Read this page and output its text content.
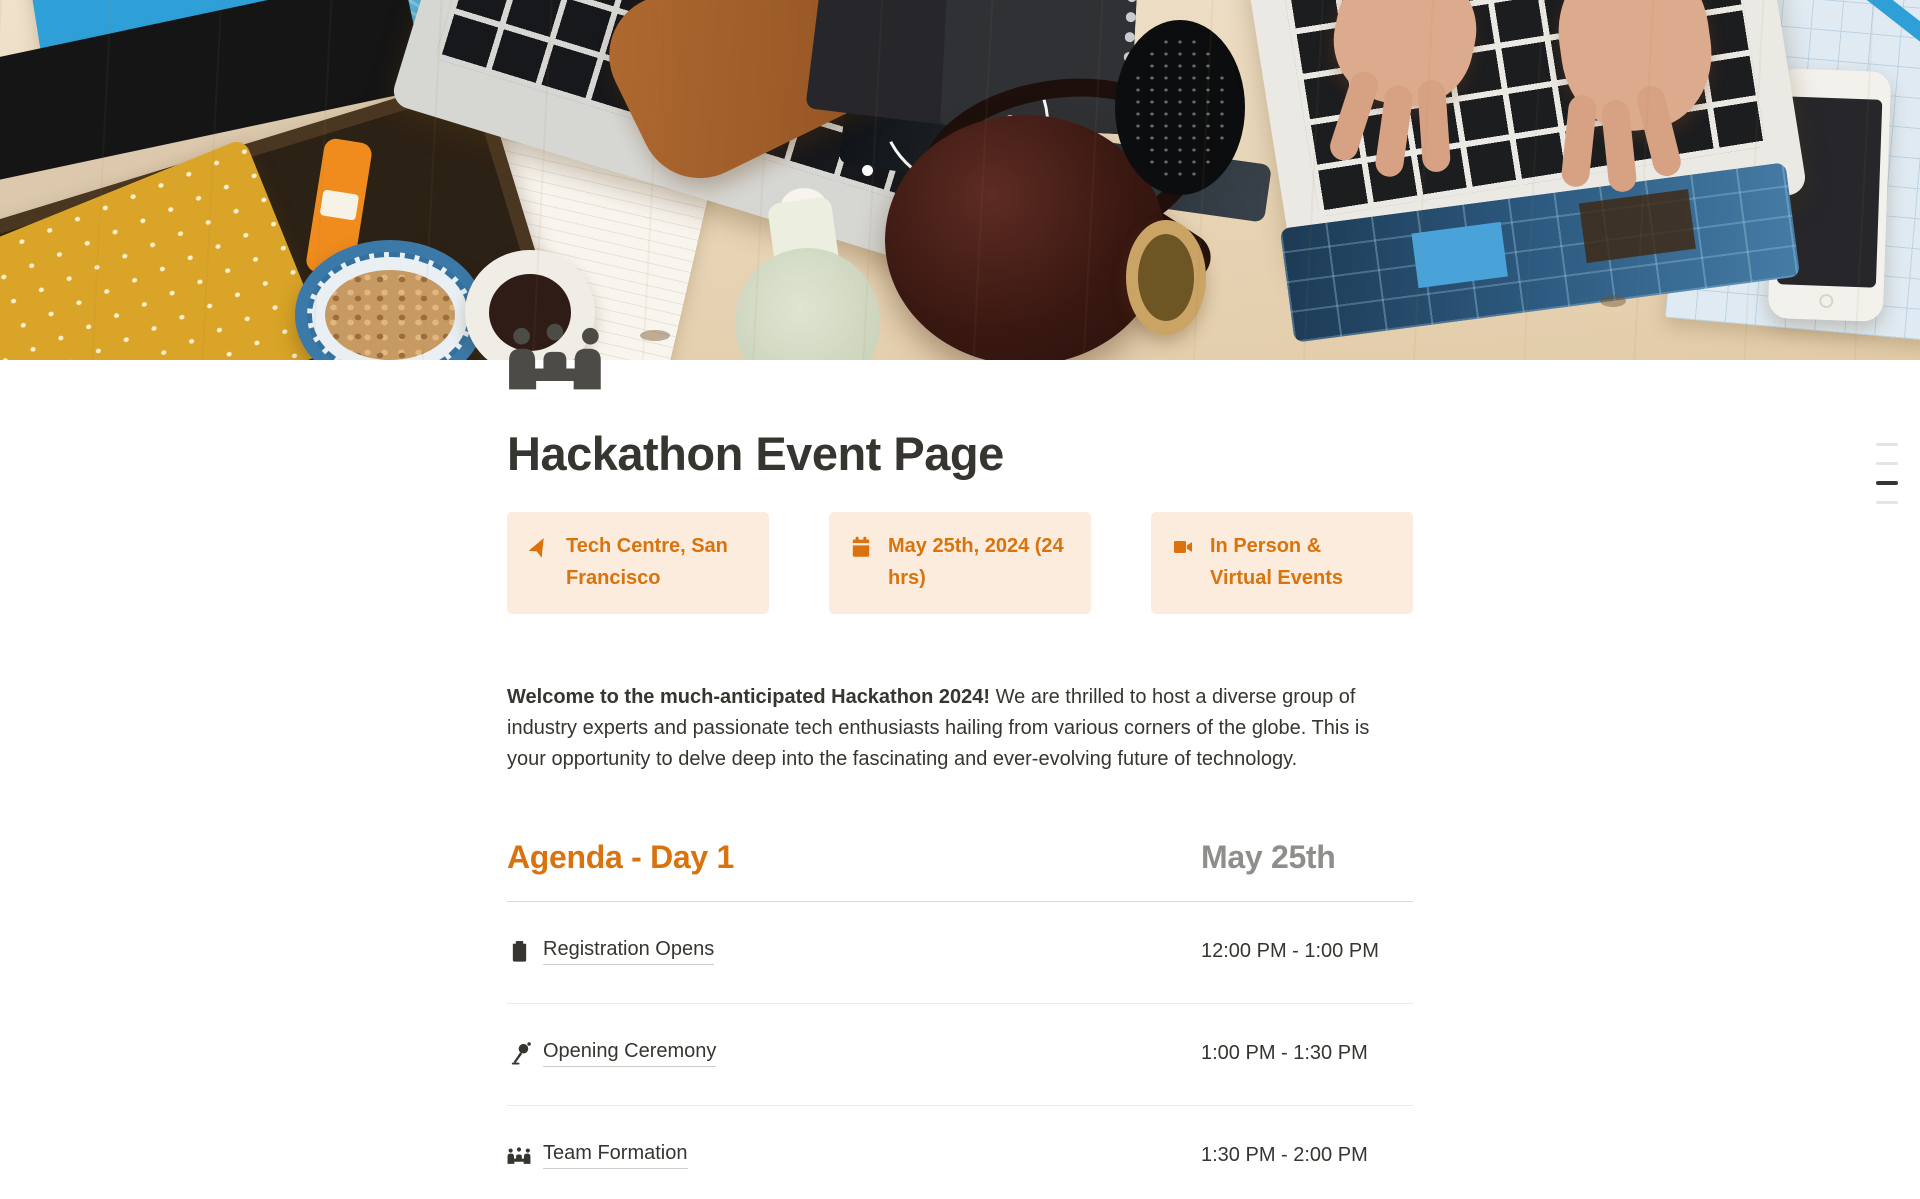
Hackathon Event Page
Tech Centre, San Francisco
May 25th, 2024 (24 hrs)
In Person & Virtual Events

Welcome to the much-anticipated Hackathon 2024! We are thrilled to host a diverse group of industry experts and passionate tech enthusiasts hailing from various corners of the globe. This is your opportunity to delve deep into the fascinating and ever-evolving future of technology.

Agenda - Day 1	May 25th
Registration Opens	12:00 PM - 1:00 PM
Opening Ceremony	1:00 PM - 1:30 PM
Team Formation	1:30 PM - 2:00 PM
